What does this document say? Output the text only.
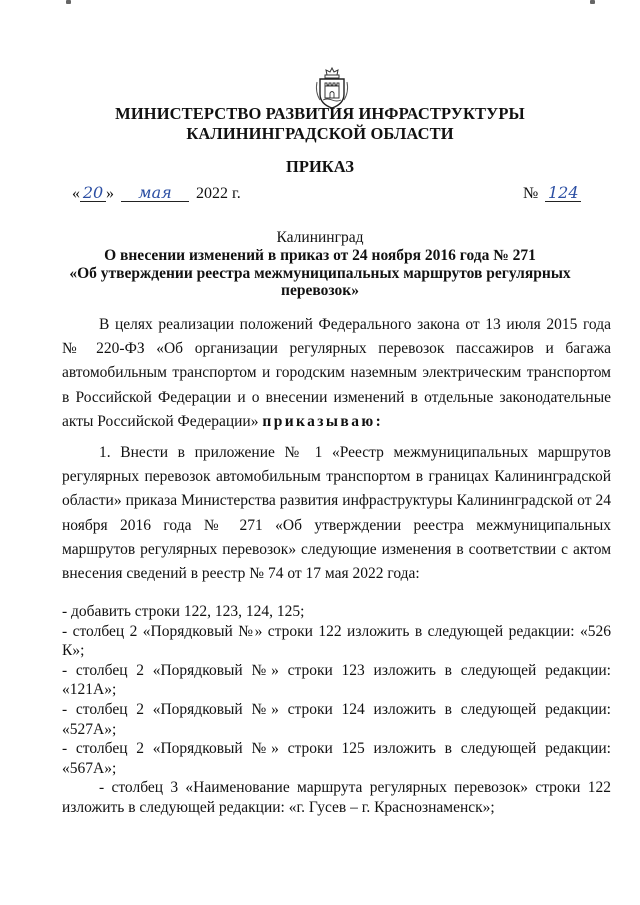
МИНИСТЕРСТВО РАЗВИТИЯ ИНФРАСТРУКТУРЫ
КАЛИНИНГРАДСКОЙ ОБЛАСТИ
ПРИКАЗ
« 20 » мая 2022 г.	№ 124
Калининград
О внесении изменений в приказ от 24 ноября 2016 года № 271
«Об утверждении реестра межмуниципальных маршрутов регулярных
перевозок»
В целях реализации положений Федерального закона от 13 июля 2015 года № 220-ФЗ «Об организации регулярных перевозок пассажиров и багажа автомобильным транспортом и городским наземным электрическим транспортом в Российской Федерации и о внесении изменений в отдельные законодательные акты Российской Федерации» приказываю:
1. Внести в приложение № 1 «Реестр межмуниципальных маршрутов регулярных перевозок автомобильным транспортом в границах Калининградской области» приказа Министерства развития инфраструктуры Калининградской от 24 ноября 2016 года № 271 «Об утверждении реестра межмуниципальных маршрутов регулярных перевозок» следующие изменения в соответствии с актом внесения сведений в реестр № 74 от 17 мая 2022 года:
- добавить строки 122, 123, 124, 125;
- столбец 2 «Порядковый №» строки 122 изложить в следующей редакции: «526 К»;
- столбец 2 «Порядковый №» строки 123 изложить в следующей редакции: «121А»;
- столбец 2 «Порядковый №» строки 124 изложить в следующей редакции: «527А»;
- столбец 2 «Порядковый №» строки 125 изложить в следующей редакции: «567А»;
- столбец 3 «Наименование маршрута регулярных перевозок» строки 122 изложить в следующей редакции: «г. Гусев – г. Краснознаменск»;
